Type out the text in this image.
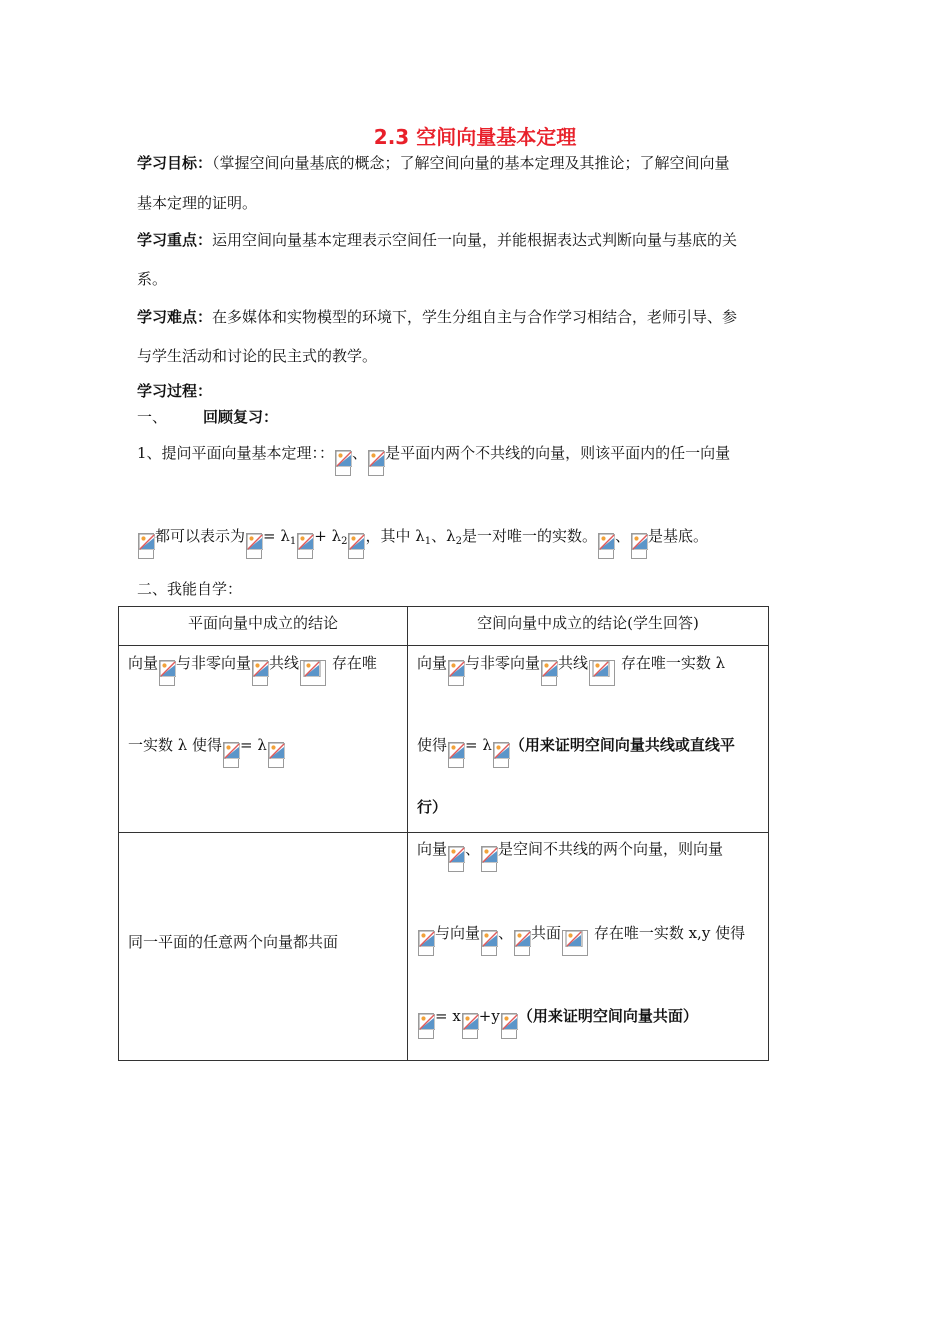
2.3 空间向量基本定理
学习目标：（掌握空间向量基底的概念；了解空间向量的基本定理及其推论；了解空间向量
基本定理的证明。
学习重点：运用空间向量基本定理表示空间任一向量，并能根据表达式判断向量与基底的关
系。
学习难点：在多媒体和实物模型的环境下，学生分组自主与合作学习相结合，老师引导、参
与学生活动和讨论的民主式的教学。
学习过程：
一、 回顾复习：
1、提问平面向量基本定理：： 、 是平面内两个不共线的向量，则该平面内的任一向量
都可以表示为 = $\lambda_1 + \lambda_2$ ，其中 $\lambda_1$、$\lambda_2$是一对唯一的实数。 、 是基底。
二、我能自学：
平面向量中成立的结论	空间向量中成立的结论(学生回答)
向量 与非零向量 共线 存在唯
一实数 λ 使得 = λ
向量 与非零向量 共线 存在唯一实数 λ
使得 = λ （用来证明空间向量共线或直线平
行）
同一平面的任意两个向量都共面
向量 、 是空间不共线的两个向量，则向量
与向量 、 共面 存在唯一实数 x,y 使得
= x +y （用来证明空间向量共面）
